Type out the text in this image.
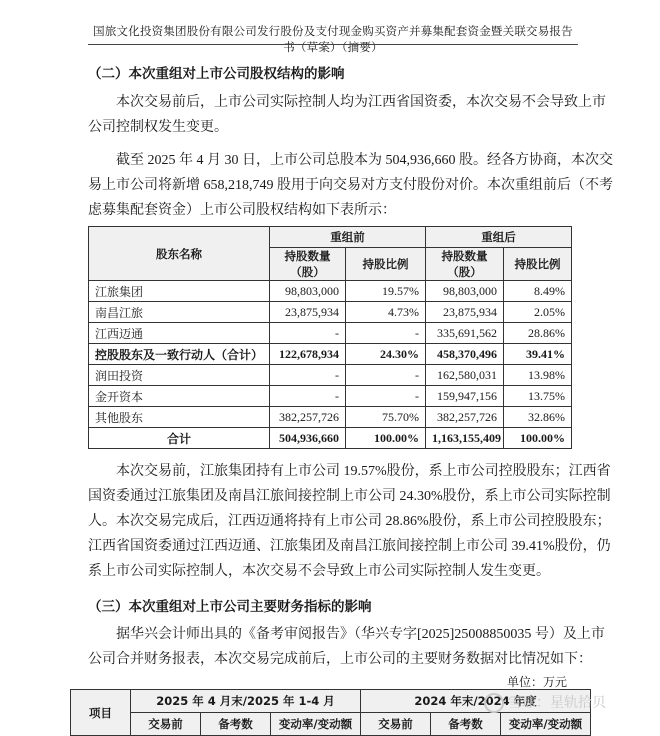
国旅文化投资集团股份有限公司发行股份及支付现金购买资产并募集配套资金暨关联交易报告书（草案）（摘要）
（二）本次重组对上市公司股权结构的影响
本次交易前后，上市公司实际控制人均为江西省国资委，本次交易不会导致上市
公司控制权发生变更。
截至 2025 年 4 月 30 日，上市公司总股本为 504,936,660 股。经各方协商，本次交
易上市公司将新增 658,218,749 股用于向交易对方支付股份对价。本次重组前后（不考
虑募集配套资金）上市公司股权结构如下表所示：
股东名称	重组前		重组后	
	持股数量（股）	持股比例	持股数量（股）	持股比例
江旅集团	98,803,000	19.57%	98,803,000	8.49%
南昌江旅	23,875,934	4.73%	23,875,934	2.05%
江西迈通	-	-	335,691,562	28.86%
控股股东及一致行动人（合计）	122,678,934	24.30%	458,370,496	39.41%
润田投资	-	-	162,580,031	13.98%
金开资本	-	-	159,947,156	13.75%
其他股东	382,257,726	75.70%	382,257,726	32.86%
合计	504,936,660	100.00%	1,163,155,409	100.00%
本次交易前，江旅集团持有上市公司 19.57%股份，系上市公司控股股东；江西省
国资委通过江旅集团及南昌江旅间接控制上市公司 24.30%股份，系上市公司实际控制
人。本次交易完成后，江西迈通将持有上市公司 28.86%股份，系上市公司控股股东；
江西省国资委通过江西迈通、江旅集团及南昌江旅间接控制上市公司 39.41%股份，仍
系上市公司实际控制人，本次交易不会导致上市公司实际控制人发生变更。
（三）本次重组对上市公司主要财务指标的影响
据华兴会计师出具的《备考审阅报告》（华兴专字[2025]25008850035 号）及上市
公司合并财务报表，本次交易完成前后，上市公司的主要财务数据对比情况如下：
单位：万元
项目	2025 年 4 月末/2025 年 1-4 月			2024 年末/2024 年度		
	交易前	备考数	变动率/变动额	交易前	备考数	变动率/变动额
雪球：星轨拾贝
